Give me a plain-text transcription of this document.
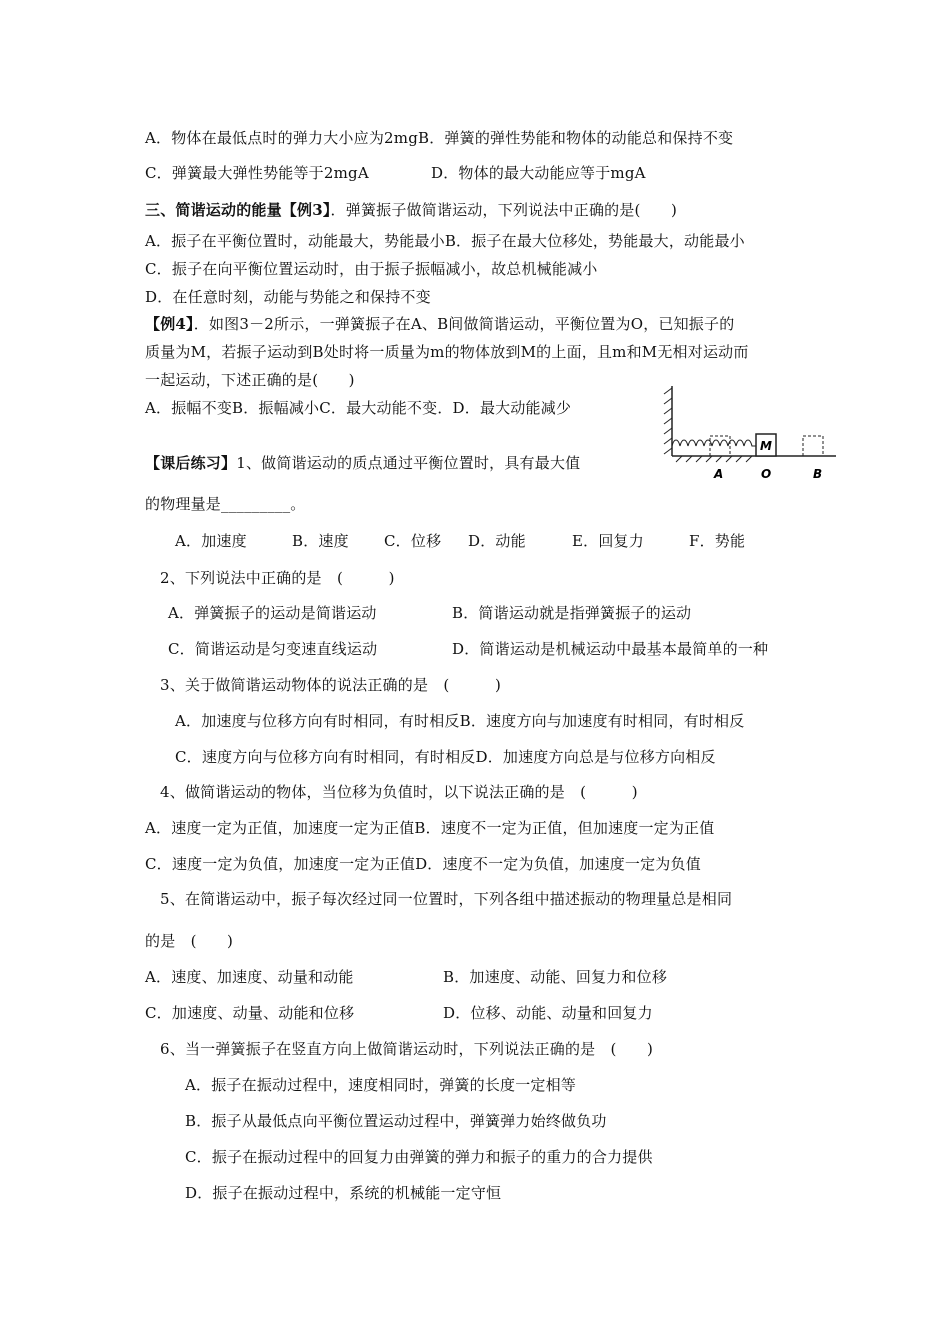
A．物体在最低点时的弹力大小应为2mgB．弹簧的弹性势能和物体的动能总和保持不变
C．弹簧最大弹性势能等于2mgA	D．物体的最大动能应等于mgA
三、简谐运动的能量【例3】．弹簧振子做简谐运动，下列说法中正确的是(　　)
A．振子在平衡位置时，动能最大，势能最小B．振子在最大位移处，势能最大，动能最小
C．振子在向平衡位置运动时，由于振子振幅减小，故总机械能减小
D．在任意时刻，动能与势能之和保持不变
【例4】．如图3－2所示，一弹簧振子在A、B间做简谐运动，平衡位置为O，已知振子的
质量为M，若振子运动到B处时将一质量为m的物体放到M的上面，且m和M无相对运动而
一起运动，下述正确的是(　　)
A．振幅不变B．振幅减小C．最大动能不变．D．最大动能减少
M
A	O	B
【课后练习】1、做简谐运动的质点通过平衡位置时，具有最大值
的物理量是_________。
A．加速度	B．速度 C．位移 D．动能	E．回复力	F．势能
2、下列说法中正确的是　(　　　)
A．弹簧振子的运动是简谐运动	B．简谐运动就是指弹簧振子的运动
C．简谐运动是匀变速直线运动	D．简谐运动是机械运动中最基本最简单的一种
3、关于做简谐运动物体的说法正确的是　(　　　)
A．加速度与位移方向有时相同，有时相反B．速度方向与加速度有时相同，有时相反
C．速度方向与位移方向有时相同，有时相反D．加速度方向总是与位移方向相反
4、做简谐运动的物体，当位移为负值时，以下说法正确的是　(　　　)
A．速度一定为正值，加速度一定为正值B．速度不一定为正值，但加速度一定为正值
C．速度一定为负值，加速度一定为正值D．速度不一定为负值，加速度一定为负值
5、在简谐运动中，振子每次经过同一位置时，下列各组中描述振动的物理量总是相同
的是　(　　)
A．速度、加速度、动量和动能	B．加速度、动能、回复力和位移
C．加速度、动量、动能和位移	D．位移、动能、动量和回复力
6、当一弹簧振子在竖直方向上做简谐运动时，下列说法正确的是　(　　)
A．振子在振动过程中，速度相同时，弹簧的长度一定相等
B．振子从最低点向平衡位置运动过程中，弹簧弹力始终做负功
C．振子在振动过程中的回复力由弹簧的弹力和振子的重力的合力提供
D．振子在振动过程中，系统的机械能一定守恒
